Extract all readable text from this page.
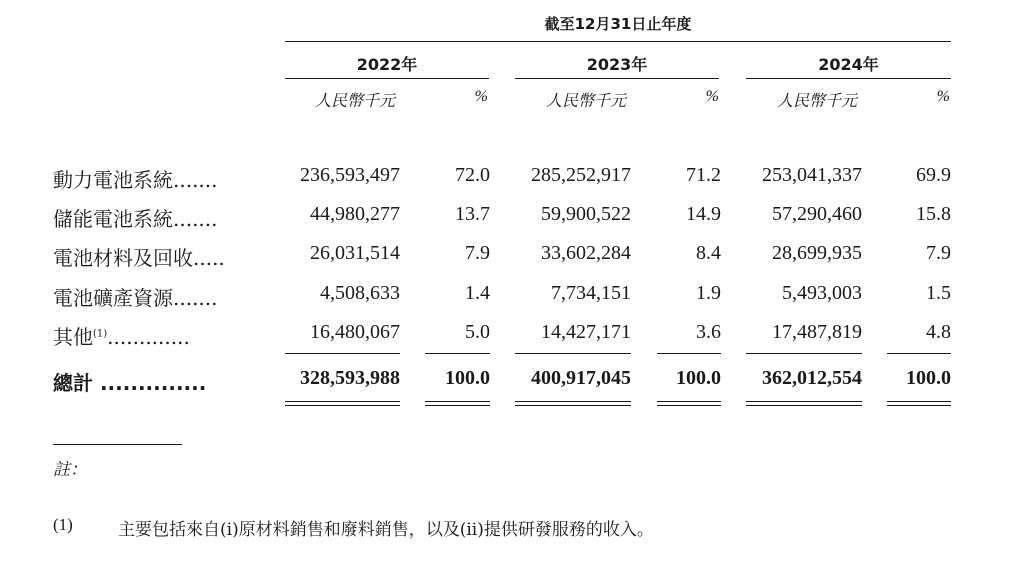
截至12月31日止年度
2022年	2023年	2024年
人民幣千元	%	人民幣千元	%	人民幣千元	%
動力電池系統.......	236,593,497	72.0	285,252,917	71.2	253,041,337	69.9
儲能電池系統.......	44,980,277	13.7	59,900,522	14.9	57,290,460	15.8
電池材料及回收.....	26,031,514	7.9	33,602,284	8.4	28,699,935	7.9
電池礦產資源.......	4,508,633	1.4	7,734,151	1.9	5,493,003	1.5
其他$^{(1)}$.............	16,480,067	5.0	14,427,171	3.6	17,487,819	4.8
總計 ..............	328,593,988	100.0	400,917,045	100.0	362,012,554	100.0
註：
(1)	主要包括來自(i)原材料銷售和廢料銷售，以及(ii)提供研發服務的收入。
